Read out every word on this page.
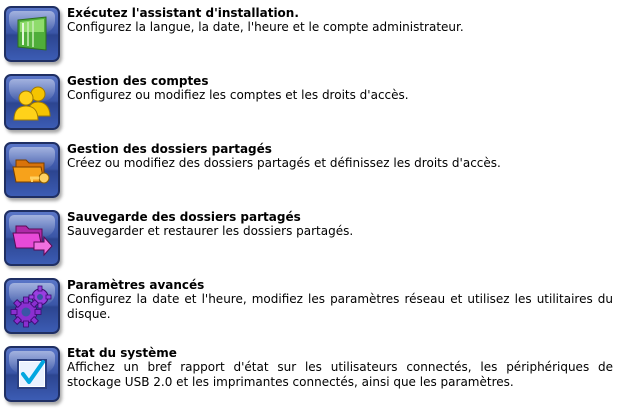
Exécutez l'assistant d'installation.
Configurez la langue, la date, l'heure et le compte administrateur.
Gestion des comptes
Configurez ou modifiez les comptes et les droits d'accès.
Gestion des dossiers partagés
Créez ou modifiez des dossiers partagés et définissez les droits d'accès.
Sauvegarde des dossiers partagés
Sauvegarder et restaurer les dossiers partagés.
Paramètres avancés
Configurez la date et l'heure, modifiez les paramètres réseau et utilisez les utilitaires du disque.
Etat du système
Affichez un bref rapport d'état sur les utilisateurs connectés, les périphériques de stockage USB 2.0 et les imprimantes connectés, ainsi que les paramètres.
